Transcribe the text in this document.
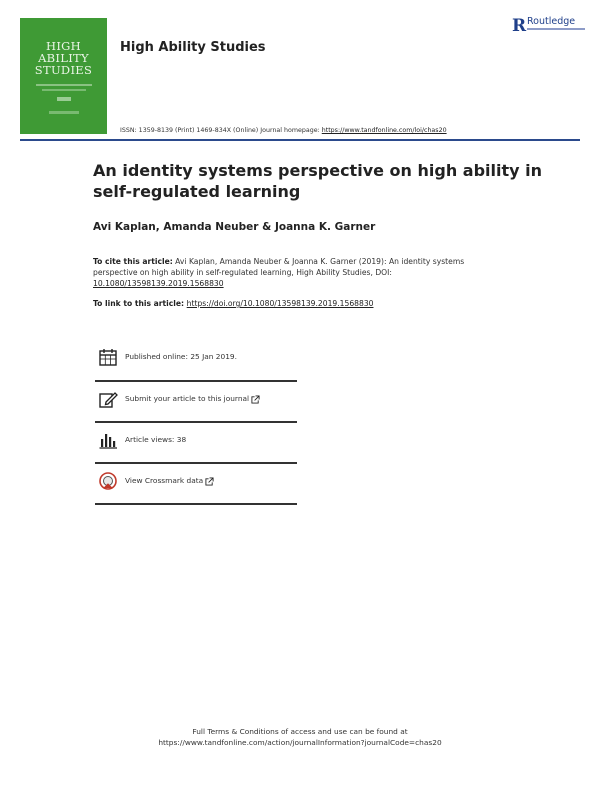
HIGH
ABILITY
STUDIES
High Ability Studies
R Routledge
ISSN: 1359-8139 (Print) 1469-834X (Online) Journal homepage: https://www.tandfonline.com/loi/chas20
An identity systems perspective on high ability in self-regulated learning
Avi Kaplan, Amanda Neuber & Joanna K. Garner
To cite this article: Avi Kaplan, Amanda Neuber & Joanna K. Garner (2019): An identity systems perspective on high ability in self-regulated learning, High Ability Studies, DOI: 10.1080/13598139.2019.1568830
To link to this article: https://doi.org/10.1080/13598139.2019.1568830
Published online: 25 Jan 2019.
Submit your article to this journal
Article views: 38
View Crossmark data
Full Terms & Conditions of access and use can be found at
https://www.tandfonline.com/action/journalInformation?journalCode=chas20
